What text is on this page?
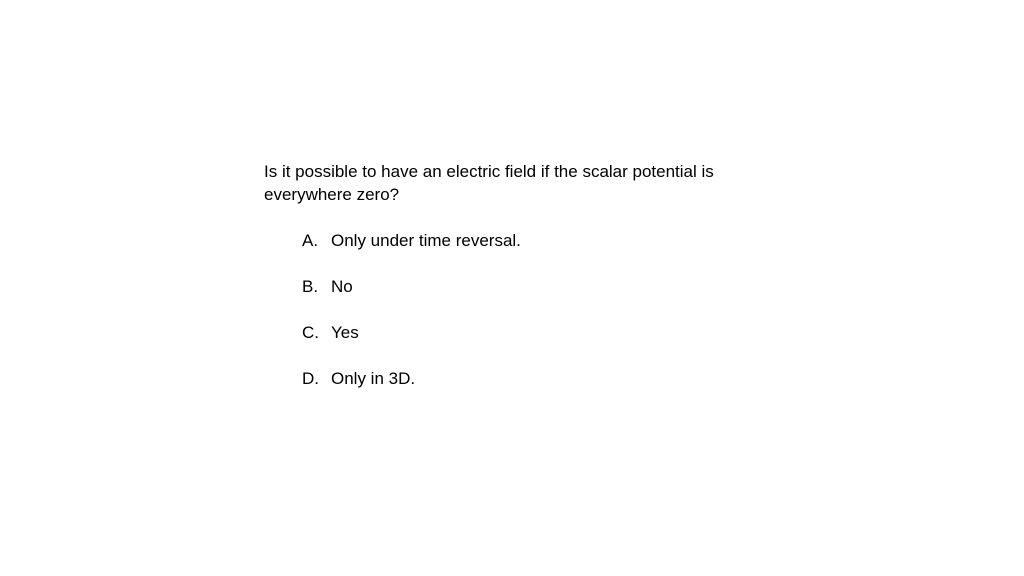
Is it possible to have an electric field if the scalar potential is everywhere zero?

A. Only under time reversal.
B. No
C. Yes
D. Only in 3D.
